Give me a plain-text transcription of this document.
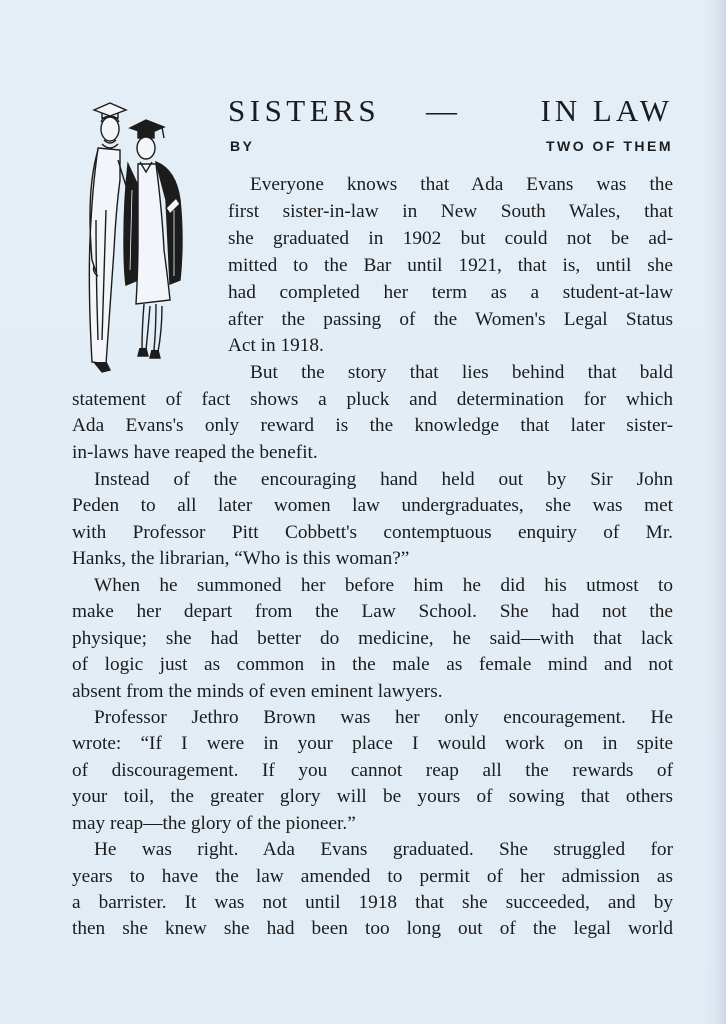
SISTERS —	IN LAW
BY	TWO OF THEM
Everyone knows that Ada Evans was the
first sister-in-law in New South Wales, that
she graduated in 1902 but could not be ad-
mitted to the Bar until 1921, that is, until she
had completed her term as a student-at-law
after the passing of the Women's Legal Status
Act in 1918.
But the story that lies behind that bald
statement of fact shows a pluck and determination for which
Ada Evans's only reward is the knowledge that later sister-
in-laws have reaped the benefit.
Instead of the encouraging hand held out by Sir John
Peden to all later women law undergraduates, she was met
with Professor Pitt Cobbett's contemptuous enquiry of Mr.
Hanks, the librarian, “Who is this woman?”
When he summoned her before him he did his utmost to
make her depart from the Law School. She had not the
physique; she had better do medicine, he said—with that lack
of logic just as common in the male as female mind and not
absent from the minds of even eminent lawyers.
Professor Jethro Brown was her only encouragement. He
wrote: “If I were in your place I would work on in spite
of discouragement. If you cannot reap all the rewards of
your toil, the greater glory will be yours of sowing that others
may reap—the glory of the pioneer.”
He was right. Ada Evans graduated. She struggled for
years to have the law amended to permit of her admission as
a barrister. It was not until 1918 that she succeeded, and by
then she knew she had been too long out of the legal world
